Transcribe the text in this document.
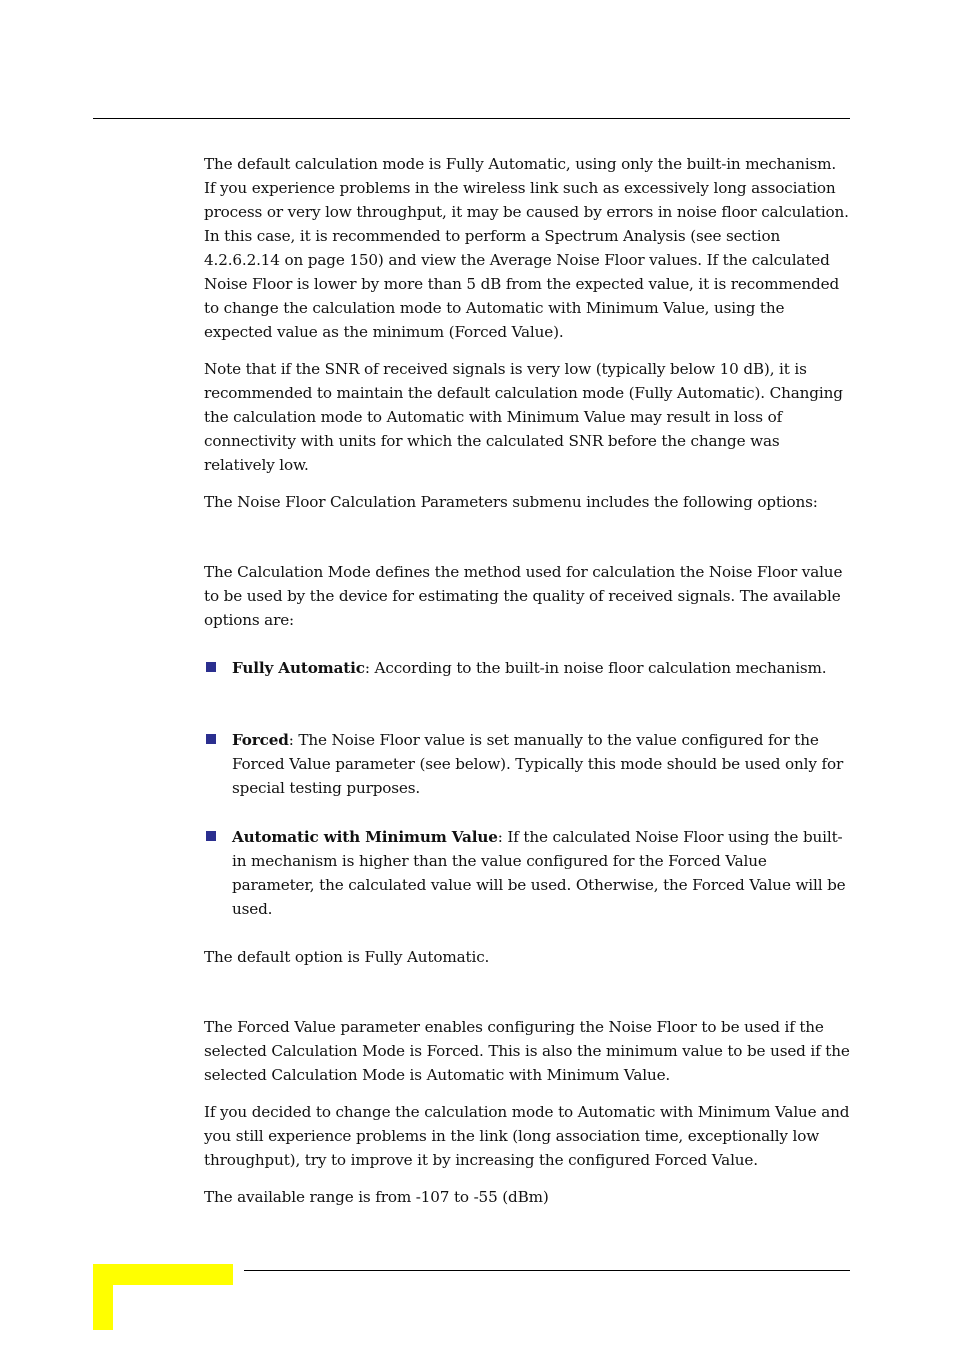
The default calculation mode is Fully Automatic, using only the built-in mechanism. If you experience problems in the wireless link such as excessively long association process or very low throughput, it may be caused by errors in noise floor calculation. In this case, it is recommended to perform a Spectrum Analysis (see section 4.2.6.2.14 on page 150) and view the Average Noise Floor values. If the calculated Noise Floor is lower by more than 5 dB from the expected value, it is recommended to change the calculation mode to Automatic with Minimum Value, using the expected value as the minimum (Forced Value).

Note that if the SNR of received signals is very low (typically below 10 dB), it is recommended to maintain the default calculation mode (Fully Automatic). Changing the calculation mode to Automatic with Minimum Value may result in loss of connectivity with units for which the calculated SNR before the change was relatively low.

The Noise Floor Calculation Parameters submenu includes the following options:

The Calculation Mode defines the method used for calculation the Noise Floor value to be used by the device for estimating the quality of received signals. The available options are:

Fully Automatic: According to the built-in noise floor calculation mechanism.

Forced: The Noise Floor value is set manually to the value configured for the Forced Value parameter (see below). Typically this mode should be used only for special testing purposes.

Automatic with Minimum Value: If the calculated Noise Floor using the built-in mechanism is higher than the value configured for the Forced Value parameter, the calculated value will be used. Otherwise, the Forced Value will be used.

The default option is Fully Automatic.

The Forced Value parameter enables configuring the Noise Floor to be used if the selected Calculation Mode is Forced. This is also the minimum value to be used if the selected Calculation Mode is Automatic with Minimum Value.

If you decided to change the calculation mode to Automatic with Minimum Value and you still experience problems in the link (long association time, exceptionally low throughput), try to improve it by increasing the configured Forced Value.

The available range is from -107 to -55 (dBm)
